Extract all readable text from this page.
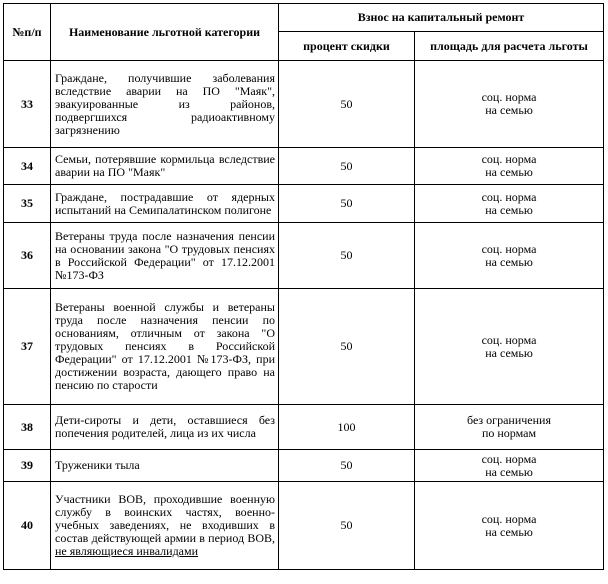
№п/п	Наименование льготной категории	Взнос на капитальный ремонт	
		процент скидки	площадь для расчета льготы
33	Граждане, получившие заболевания вследствие аварии на ПО "Маяк", эвакуированные из районов, подвергшихся радиоактивному загрязнению	50	соц. норма
на семью

34	Семьи, потерявшие кормильца вследствие аварии на ПО "Маяк"	50	соц. норма
на семью

35	Граждане, пострадавшие от ядерных испытаний на Семипалатинском полигоне	50	соц. норма
на семью

36	Ветераны труда после назначения пенсии на основании закона "О трудовых пенсиях в Российской Федерации" от 17.12.2001 №173-ФЗ	50	соц. норма
на семью

37	Ветераны военной службы и ветераны труда после назначения пенсии по основаниям, отличным от закона "О трудовых пенсиях в Российской Федерации" от 17.12.2001 №173-ФЗ, при достижении возраста, дающего право на пенсию по старости	50	соц. норма
на семью

38	Дети-сироты и дети, оставшиеся без попечения родителей, лица из их числа	100	без ограничения
по нормам

39	Труженики тыла	50	соц. норма
на семью

40	Участники ВОВ, проходившие военную службу в воинских частях, военно-учебных заведениях, не входивших в состав действующей армии в период ВОВ, не являющиеся инвалидами	50	соц. норма
на семью
